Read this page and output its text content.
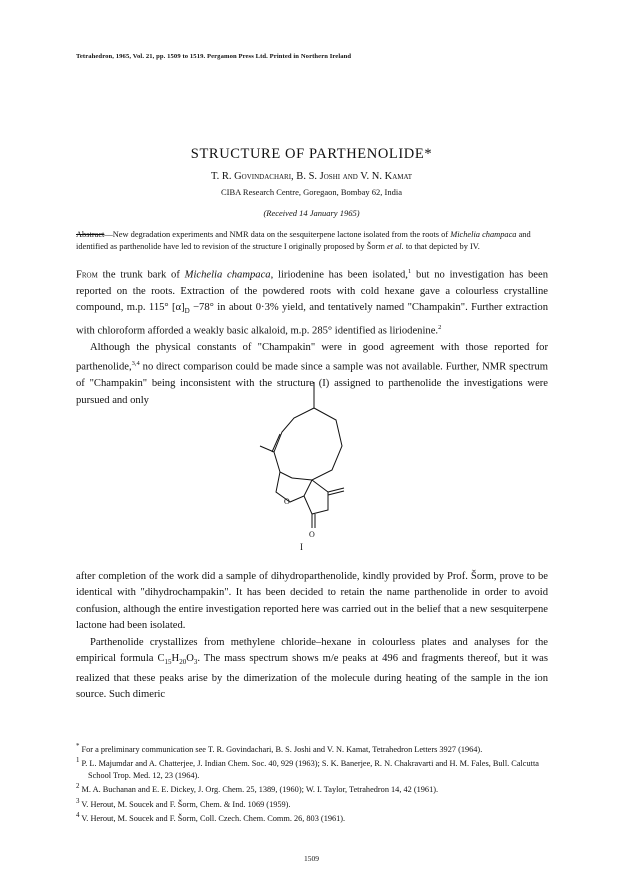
Tetrahedron, 1965, Vol. 21, pp. 1509 to 1519. Pergamon Press Ltd. Printed in Northern Ireland
STRUCTURE OF PARTHENOLIDE*
T. R. Govindachari, B. S. Joshi and V. N. Kamat
CIBA Research Centre, Goregaon, Bombay 62, India
(Received 14 January 1965)
Abstract—New degradation experiments and NMR data on the sesquiterpene lactone isolated from the roots of Michelia champaca and identified as parthenolide have led to revision of the structure I originally proposed by Šorm et al. to that depicted by IV.

From the trunk bark of Michelia champaca, liriodenine has been isolated,$^1$ but no investigation has been reported on the roots. Extraction of the powdered roots with cold hexane gave a colourless crystalline compound, m.p. 115° $[\alpha]_D -78^\circ$ in about 0·3% yield, and tentatively named "Champakin". Further extraction with chloroform afforded a weakly basic alkaloid, m.p. 285° identified as liriodenine.$^2$

Although the physical constants of "Champakin" were in good agreement with those reported for parthenolide,$^{3,4}$ no direct comparison could be made since a sample was not available. Further, NMR spectrum of "Champakin" being inconsistent with the structure (I) assigned to parthenolide the investigations were pursued and only

O
O
I

after completion of the work did a sample of dihydroparthenolide, kindly provided by Prof. Šorm, prove to be identical with "dihydrochampakin". It has been decided to retain the name parthenolide in order to avoid confusion, although the entire investigation reported here was carried out in the belief that a new sesquiterpene lactone had been isolated.

Parthenolide crystallizes from methylene chloride–hexane in colourless plates and analyses for the empirical formula $C_{15}H_{20}O_3$. The mass spectrum shows m/e peaks at 496 and fragments thereof, but it was realized that these peaks arise by the dimerization of the molecule during heating of the sample in the ion source. Such dimeric

* For a preliminary communication see T. R. Govindachari, B. S. Joshi and V. N. Kamat, Tetrahedron Letters 3927 (1964).
$^1$ P. L. Majumdar and A. Chatterjee, J. Indian Chem. Soc. 40, 929 (1963); S. K. Banerjee, R. N. Chakravarti and H. M. Fales, Bull. Calcutta School Trop. Med. 12, 23 (1964).
$^2$ M. A. Buchanan and E. E. Dickey, J. Org. Chem. 25, 1389, (1960); W. I. Taylor, Tetrahedron 14, 42 (1961).
$^3$ V. Herout, M. Soucek and F. Šorm, Chem. & Ind. 1069 (1959).
$^4$ V. Herout, M. Soucek and F. Šorm, Coll. Czech. Chem. Comm. 26, 803 (1961).
1509
